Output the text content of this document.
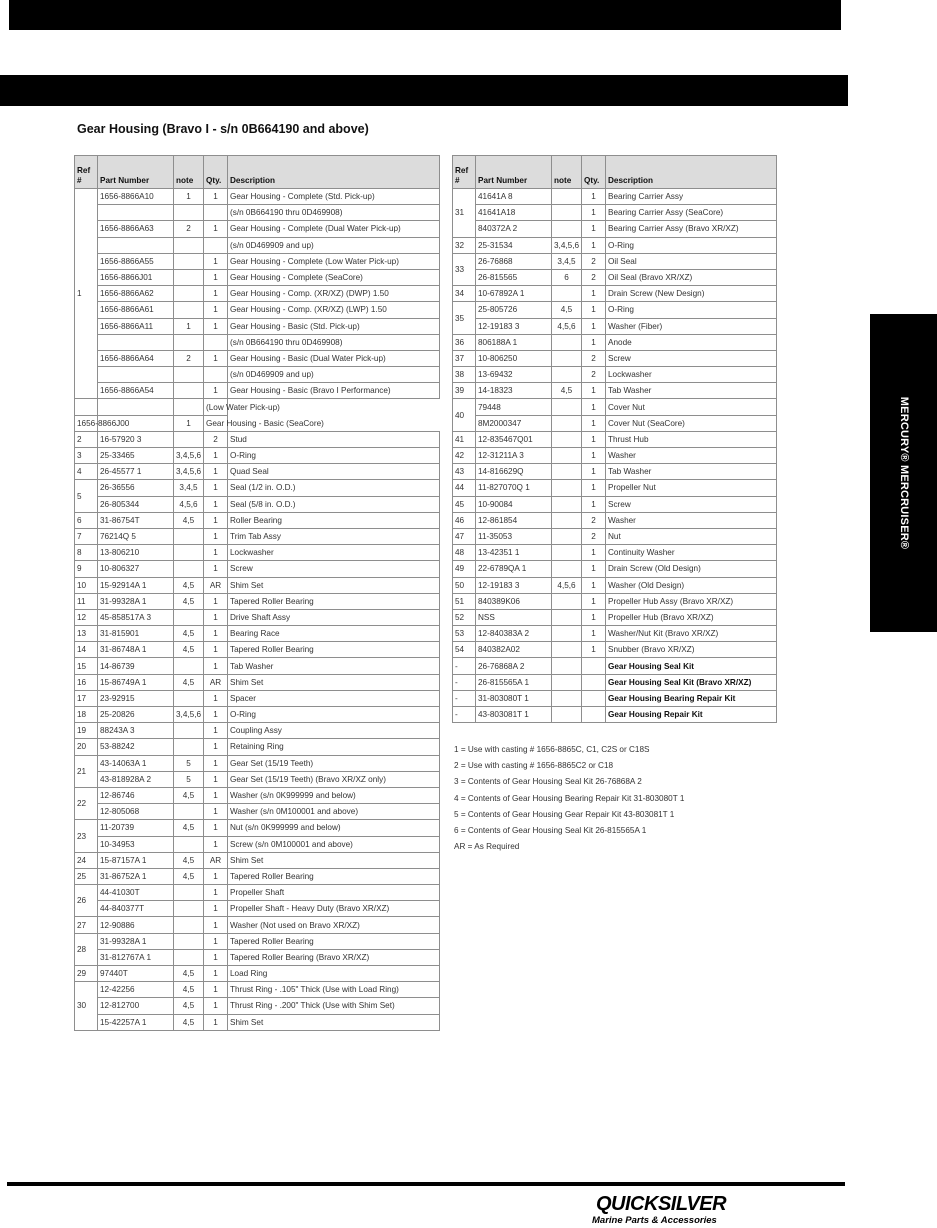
Gear Housing (Bravo I - s/n 0B664190 and above)
Ref
#	Part Number	note	Qty.	Description
1	1656-8866A10	1	1	Gear Housing - Complete (Std. Pick-up)
				(s/n 0B664190 thru 0D469908)
	1656-8866A63	2	1	Gear Housing - Complete (Dual Water Pick-up)
				(s/n 0D469909 and up)
	1656-8866A55		1	Gear Housing - Complete (Low Water Pick-up)
	1656-8866J01		1	Gear Housing - Complete (SeaCore)
	1656-8866A62		1	Gear Housing - Comp. (XR/XZ) (DWP) 1.50
	1656-8866A61		1	Gear Housing - Comp. (XR/XZ) (LWP) 1.50
	1656-8866A11	1	1	Gear Housing - Basic (Std. Pick-up)
				(s/n 0B664190 thru 0D469908)
	1656-8866A64	2	1	Gear Housing - Basic (Dual Water Pick-up)
				(s/n 0D469909 and up)
	1656-8866A54		1	Gear Housing - Basic (Bravo I Performance)
			(Low Water Pick-up)	
1656-8866J00		1	Gear Housing - Basic (SeaCore)	
2	16-57920 3		2	Stud
3	25-33465	3,4,5,6	1	O-Ring
4	26-45577 1	3,4,5,6	1	Quad Seal
5	26-36556	3,4,5	1	Seal (1/2 in. O.D.)
	26-805344	4,5,6	1	Seal (5/8 in. O.D.)
6	31-86754T	4,5	1	Roller Bearing
7	76214Q 5		1	Trim Tab Assy
8	13-806210		1	Lockwasher
9	10-806327		1	Screw
10	15-92914A 1	4,5	AR	Shim Set
11	31-99328A 1	4,5	1	Tapered Roller Bearing
12	45-858517A 3		1	Drive Shaft Assy
13	31-815901	4,5	1	Bearing Race
14	31-86748A 1	4,5	1	Tapered Roller Bearing
15	14-86739		1	Tab Washer
16	15-86749A 1	4,5	AR	Shim Set
17	23-92915		1	Spacer
18	25-20826	3,4,5,6	1	O-Ring
19	88243A 3		1	Coupling Assy
20	53-88242		1	Retaining Ring
21	43-14063A 1	5	1	Gear Set (15/19 Teeth)
	43-818928A 2	5	1	Gear Set (15/19 Teeth) (Bravo XR/XZ only)
22	12-86746	4,5	1	Washer (s/n 0K999999 and below)
	12-805068		1	Washer (s/n 0M100001 and above)
23	11-20739	4,5	1	Nut (s/n 0K999999 and below)
	10-34953		1	Screw (s/n 0M100001 and above)
24	15-87157A 1	4,5	AR	Shim Set
25	31-86752A 1	4,5	1	Tapered Roller Bearing
26	44-41030T		1	Propeller Shaft
	44-840377T		1	Propeller Shaft - Heavy Duty (Bravo XR/XZ)
27	12-90886		1	Washer (Not used on Bravo XR/XZ)
28	31-99328A 1		1	Tapered Roller Bearing
	31-812767A 1		1	Tapered Roller Bearing (Bravo XR/XZ)
29	97440T	4,5	1	Load Ring
30	12-42256	4,5	1	Thrust Ring - .105" Thick (Use with Load Ring)
	12-812700	4,5	1	Thrust Ring - .200" Thick (Use with Shim Set)
	15-42257A 1	4,5	1	Shim Set
Ref
#	Part Number	note	Qty.	Description
31	41641A 8		1	Bearing Carrier Assy
	41641A18		1	Bearing Carrier Assy (SeaCore)
	840372A 2		1	Bearing Carrier Assy (Bravo XR/XZ)
32	25-31534	3,4,5,6	1	O-Ring
33	26-76868	3,4,5	2	Oil Seal
	26-815565	6	2	Oil Seal (Bravo XR/XZ)
34	10-67892A 1		1	Drain Screw (New Design)
35	25-805726	4,5	1	O-Ring
	12-19183 3	4,5,6	1	Washer (Fiber)
36	806188A 1		1	Anode
37	10-806250		2	Screw
38	13-69432		2	Lockwasher
39	14-18323	4,5	1	Tab Washer
40	79448		1	Cover Nut
	8M2000347		1	Cover Nut (SeaCore)
41	12-835467Q01		1	Thrust Hub
42	12-31211A 3		1	Washer
43	14-816629Q		1	Tab Washer
44	11-827070Q 1		1	Propeller Nut
45	10-90084		1	Screw
46	12-861854		2	Washer
47	11-35053		2	Nut
48	13-42351 1		1	Continuity Washer
49	22-6789QA 1		1	Drain Screw (Old Design)
50	12-19183 3	4,5,6	1	Washer (Old Design)
51	840389K06		1	Propeller Hub Assy (Bravo XR/XZ)
52	NSS		1	Propeller Hub (Bravo XR/XZ)
53	12-840383A 2		1	Washer/Nut Kit (Bravo XR/XZ)
54	840382A02		1	Snubber (Bravo XR/XZ)
-	26-76868A 2			Gear Housing Seal Kit
-	26-815565A 1			Gear Housing Seal Kit (Bravo XR/XZ)
-	31-803080T 1			Gear Housing Bearing Repair Kit
-	43-803081T 1			Gear Housing Repair Kit
1 = Use with casting # 1656-8865C, C1, C2S or C18S
2 = Use with casting # 1656-8865C2 or C18
3 = Contents of Gear Housing Seal Kit 26-76868A 2
4 = Contents of Gear Housing Bearing Repair Kit 31-803080T 1
5 = Contents of Gear Housing Gear Repair Kit 43-803081T 1
6 = Contents of Gear Housing Seal Kit 26-815565A 1
AR = As Required
MERCURY® MERCRUISER®
QUICKSILVER
Marine Parts & Accessories
